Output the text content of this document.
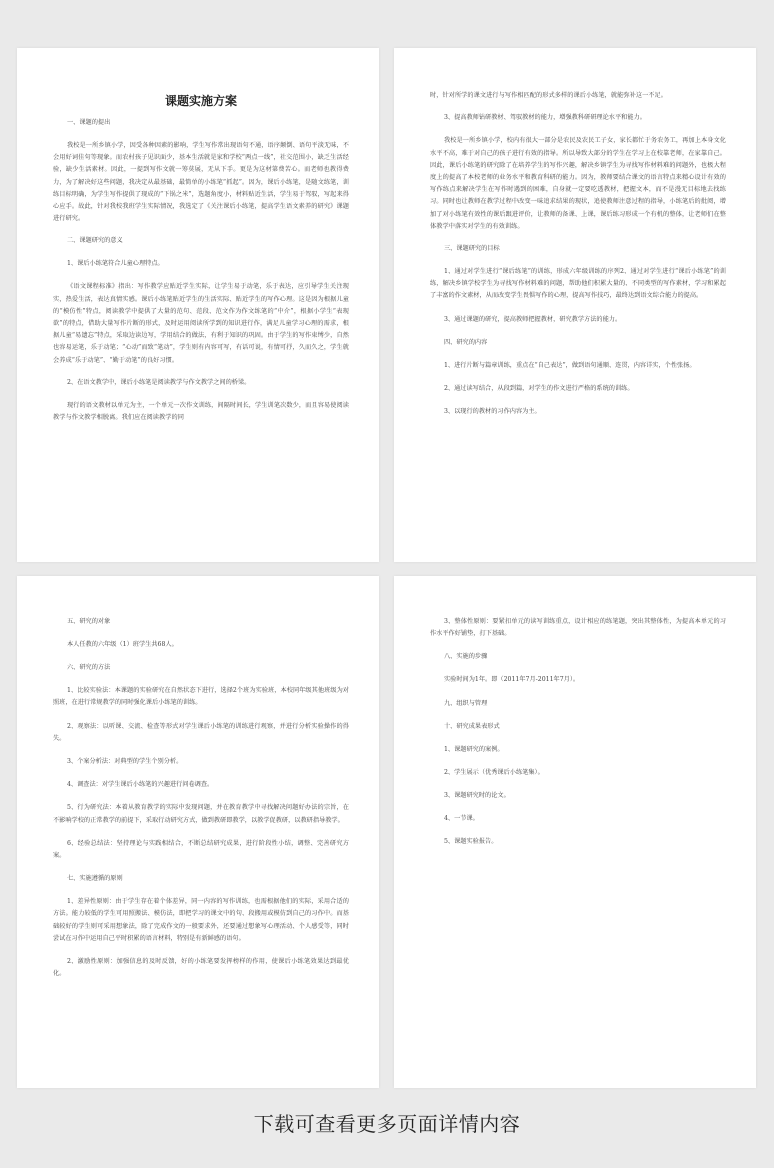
课题实施方案
一、课题的提出
我校是一所乡镇小学，因受各种因素的影响，学生写作常出现语句不通，语序颠倒、语句平淡无味，不会用好词佳句等现象。而农村孩子见识面少，基本生活就是家和学校“两点一线”，社交范围小，缺乏生活经验，缺少生活素材。因此，一提到写作文就一筹莫展，无从下手。更是为这材第费苦心。而老师也教得费力，为了解决好这些问题，我决定从最基础，最简单的小练笔“抓起”。因为，课后小练笔，是随文练笔，训练目标明确，为学生写作提供了现成的“下锅之米”，选题角度小，材料贴近生活，学生易于驾驭，写起来得心应手。故此，针对我校我班学生实际情况，我选定了《关注课后小练笔，提高学生语文素养的研究》课题进行研究。
二、课题研究的意义
1、课后小练笔符合儿童心理特点。
《语文课程标准》指出：写作教学应贴近学生实际，让学生易于动笔，乐于表达，应引导学生关注现实，热爱生活，表达真情实感。课后小练笔贴近学生的生活实际、贴近学生的写作心理。这是因为根据儿童的“模仿性”特点，阅读教学中提供了大量的范句、范段、范文作为作文练笔的“中介”，根据小学生“表现欲”的特点，借助大量写作片断的形式，及时运用阅读所学到的知识进行作，满足儿童学习心理的需求，根据儿童“易遗忘”特点，采取边读边写，学用结合的做法，有利于知识的巩固。由于学生的写作束缚少，自然也容易运笔，乐于动笔；“心动”而致“笔动”，学生则有内容可写，有话可说，有情可抒，久而久之，学生就会养成“乐于动笔”、“勤于动笔”的良好习惯。
2、在语文教学中，课后小练笔是阅读教学与作文教学之间的桥梁。
现行的语文教材以单元为主，一个单元一次作文训练，间隔时间长，学生训笔次数少，而且容易使阅读教学与作文教学相脱离。我们应在阅读教学的同
时，针对所学的课文进行与写作相匹配的形式多样的课后小练笔，就能弥补这一不足。
3、提高教师钻研教材、驾驭教材的能力，增强教科研研理论水平和能力。
我校是一所乡镇小学，校内有很大一部分是农民及农民工子女，家长都忙于务农务工，再加上本身文化水平不高，难于对自己的孩子进行有效的指导。所以导致大部分的学生在学习上在校靠老师，在家靠自己。因此，课后小练笔的研究除了在培养学生的写作兴趣，解决乡镇学生为寻找写作材料难的问题外，也极大程度上的提高了本校老师的业务水平和教育科研的能力。因为，教师要结合课文的语言特点来精心设计有效的写作练点来解决学生在写作时遇到的困难，自身就一定要吃透教材，把握文本，而不是漫无目标地去找练习。同时也让教师在教学过程中改变一味追求结果的现状，追使教师注意过程的指导，小练笔后的批阅，增加了对小练笔有效性的课后跟进评价，让教师的备课、上课，课后练习形成一个有机的整体，让老师们在整体教学中落实对学生的有效训练。
三、课题研究的目标
1、通过对学生进行“课后练笔”的训练，形成六年级训练的序列2、通过对学生进行“课后小练笔”的训练，解决乡镇学校学生为寻找写作材料难的问题，帮助他们积累大量的、不同类型的写作素材，学习和累起了丰富的作文素材，从而改变学生畏惧写作的心理，提高写作技巧，最终达到语文综合能力的提高。
3、通过课题的研究，提高教师把握教材，研究教学方法的能力。
四、研究的内容
1、进行片断与篇章训练，重点在“自己表达”，做到语句通顺、连贯，内容详实，个性张扬。
2、通过读写结合，从段到篇，对学生的作文进行严格的系统的训练。
3、以现行的教材的习作内容为主。
五、研究的对象
本人任教的六年级（1）班学生共68人。
六、研究的方法
1、比较实验法：本课题的实验研究在自然状态下进行，选择2个班为实验班，本校同年级其他班级为对照班，在进行常规教学的同时强化课后小练笔的训练。
2、观察法：以听课、交流、检查等形式对学生课后小练笔的训练进行观察，并进行分析实验操作的得失。
3、个案分析法：对典型的学生个别分析。
4、调查法：对学生课后小练笔的兴趣进行问卷调查。
5、行为研究法：本着从教育教学的实际中发现问题，并在教育教学中寻找解决问题好办法的宗旨，在不影响学校的正常教学的前提下，采取行动研究方式，做到教研即教学，以教学促教研，以教研指导教学。
6、经验总结法：坚持理论与实践相结合，不断总结研究成果，进行阶段性小结，调整、完善研究方案。
七、实施遵循的原则
1、差异性原则：由于学生存在着个体差异，同一内容的写作训练，也需根据他们的实际，采用合适的方法。能力较低的学生可用照搬法、模仿法，即把学习的课文中的句、段搬用或模仿到自己的习作中。而基础较好的学生则可采用想象法，除了完成作文的一般要求外，还要通过想象写心理活动、个人感受等，同时尝试在习作中运用自己平时积累的语言材料，特别是有新鲜感的语句。
2、激励性原则：加强信息的及时反馈，好的小练笔要发挥榜样的作用，使课后小练笔效果达到最优化。
3、整体性原则：要紧扣单元的读写训练重点，设计相应的练笔题，突出其整体性，为提高本单元的习作水平作好铺垫，打下基础。
八、实施的步骤
实验时间为1年。即（2011年7月-2011年7月）。
九、组织与管理
十、研究成果表形式
1、课题研究的案例。
2、学生展示（优秀课后小练笔集）。
3、课题研究时的论文。
4、一节课。
5、课题实验报告。
下载可查看更多页面详情内容
